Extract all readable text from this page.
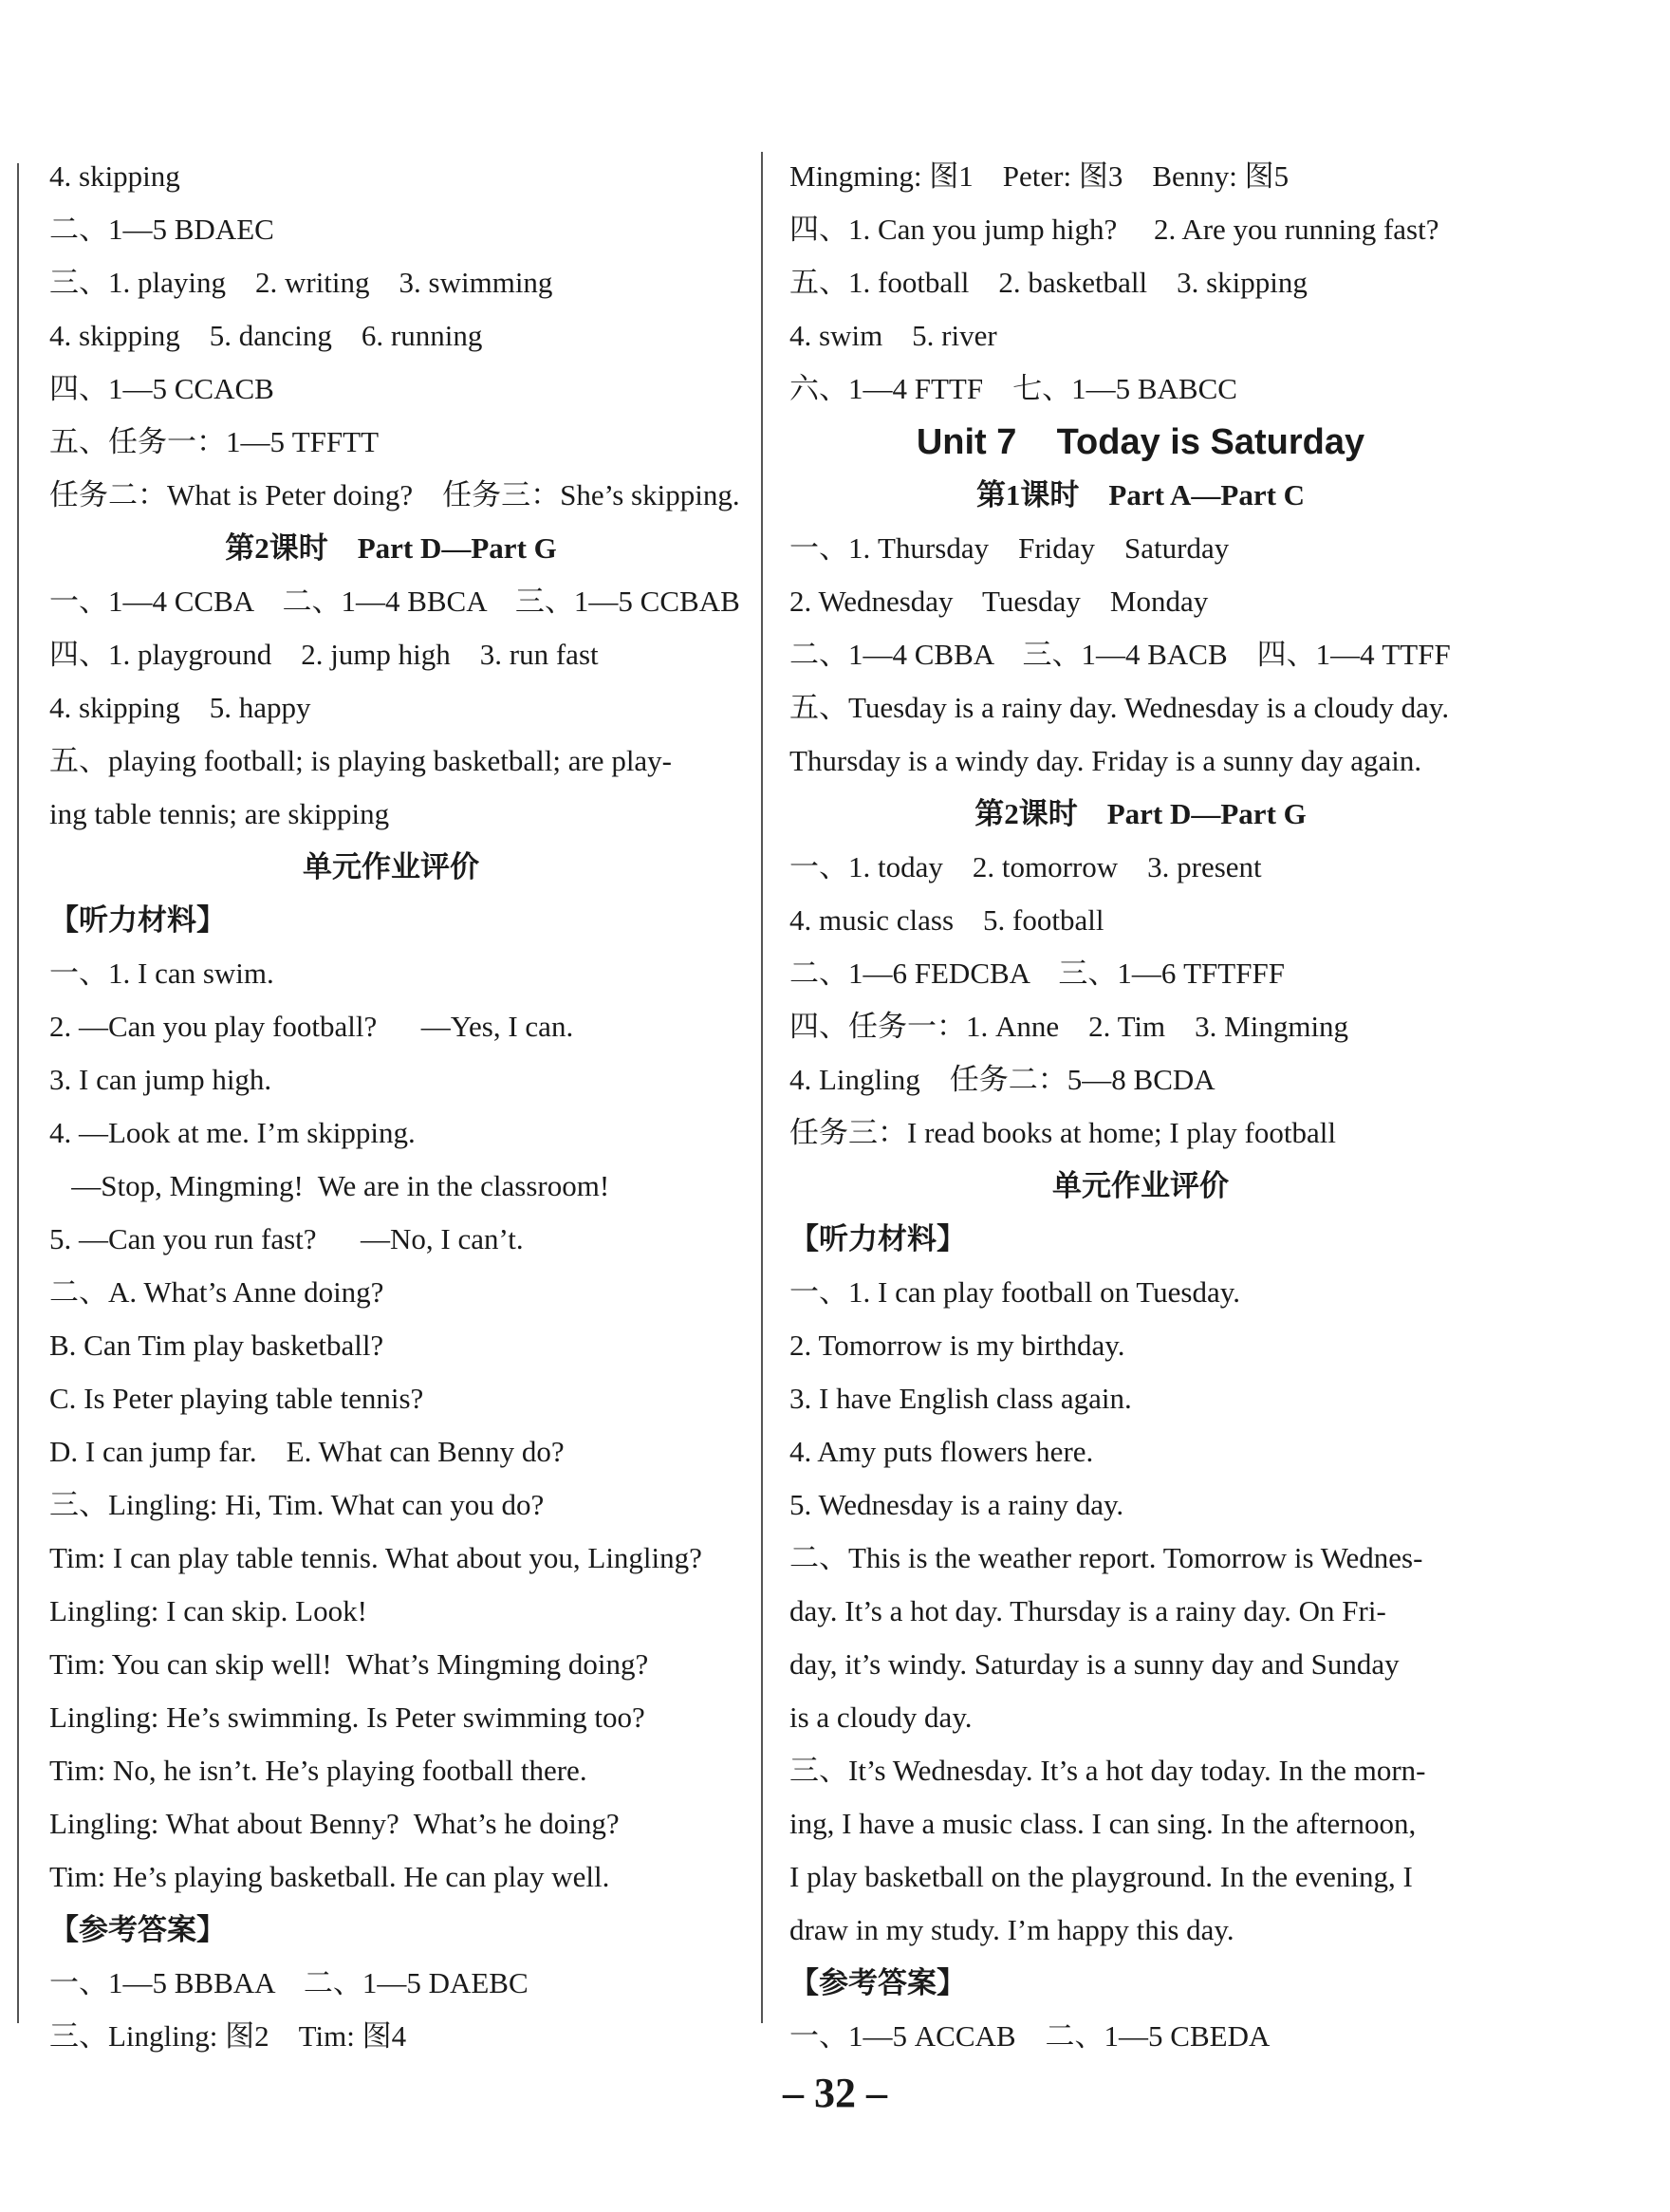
4. skipping
二、1—5 BDAEC
三、1. playing    2. writing    3. swimming
4. skipping    5. dancing    6. running
四、1—5 CCACB
五、任务一：1—5 TFFTT
任务二：What is Peter doing?    任务三：She’s skipping.
第2课时    Part D—Part G
一、1—4 CCBA    二、1—4 BBCA    三、1—5 CCBAB
四、1. playground    2. jump high    3. run fast
4. skipping    5. happy
五、playing football; is playing basketball; are play-
ing table tennis; are skipping
单元作业评价
【听力材料】
一、1. I can swim.
2. —Can you play football?      —Yes, I can.
3. I can jump high.
4. —Look at me. I’m skipping.
—Stop, Mingming!  We are in the classroom!
5. —Can you run fast?      —No, I can’t.
二、A. What’s Anne doing?
B. Can Tim play basketball?
C. Is Peter playing table tennis?
D. I can jump far.    E. What can Benny do?
三、Lingling: Hi, Tim. What can you do?
Tim: I can play table tennis. What about you, Lingling?
Lingling: I can skip. Look!
Tim: You can skip well!  What’s Mingming doing?
Lingling: He’s swimming. Is Peter swimming too?
Tim: No, he isn’t. He’s playing football there.
Lingling: What about Benny?  What’s he doing?
Tim: He’s playing basketball. He can play well.
【参考答案】
一、1—5 BBBAA    二、1—5 DAEBC
三、Lingling: 图2    Tim: 图4
Mingming: 图1    Peter: 图3    Benny: 图5
四、1. Can you jump high?     2. Are you running fast?
五、1. football    2. basketball    3. skipping
4. swim    5. river
六、1—4 FTTF    七、1—5 BABCC
Unit 7    Today is Saturday
第1课时    Part A—Part C
一、1. Thursday    Friday    Saturday
2. Wednesday    Tuesday    Monday
二、1—4 CBBA    三、1—4 BACB    四、1—4 TTFF
五、Tuesday is a rainy day. Wednesday is a cloudy day.
Thursday is a windy day. Friday is a sunny day again.
第2课时    Part D—Part G
一、1. today    2. tomorrow    3. present
4. music class    5. football
二、1—6 FEDCBA    三、1—6 TFTFFF
四、任务一：1. Anne    2. Tim    3. Mingming
4. Lingling    任务二：5—8 BCDA
任务三：I read books at home; I play football
单元作业评价
【听力材料】
一、1. I can play football on Tuesday.
2. Tomorrow is my birthday.
3. I have English class again.
4. Amy puts flowers here.
5. Wednesday is a rainy day.
二、This is the weather report. Tomorrow is Wednes-
day. It’s a hot day. Thursday is a rainy day. On Fri-
day, it’s windy. Saturday is a sunny day and Sunday
is a cloudy day.
三、It’s Wednesday. It’s a hot day today. In the morn-
ing, I have a music class. I can sing. In the afternoon,
I play basketball on the playground. In the evening, I
draw in my study. I’m happy this day.
【参考答案】
一、1—5 ACCAB    二、1—5 CBEDA
– 32 –
